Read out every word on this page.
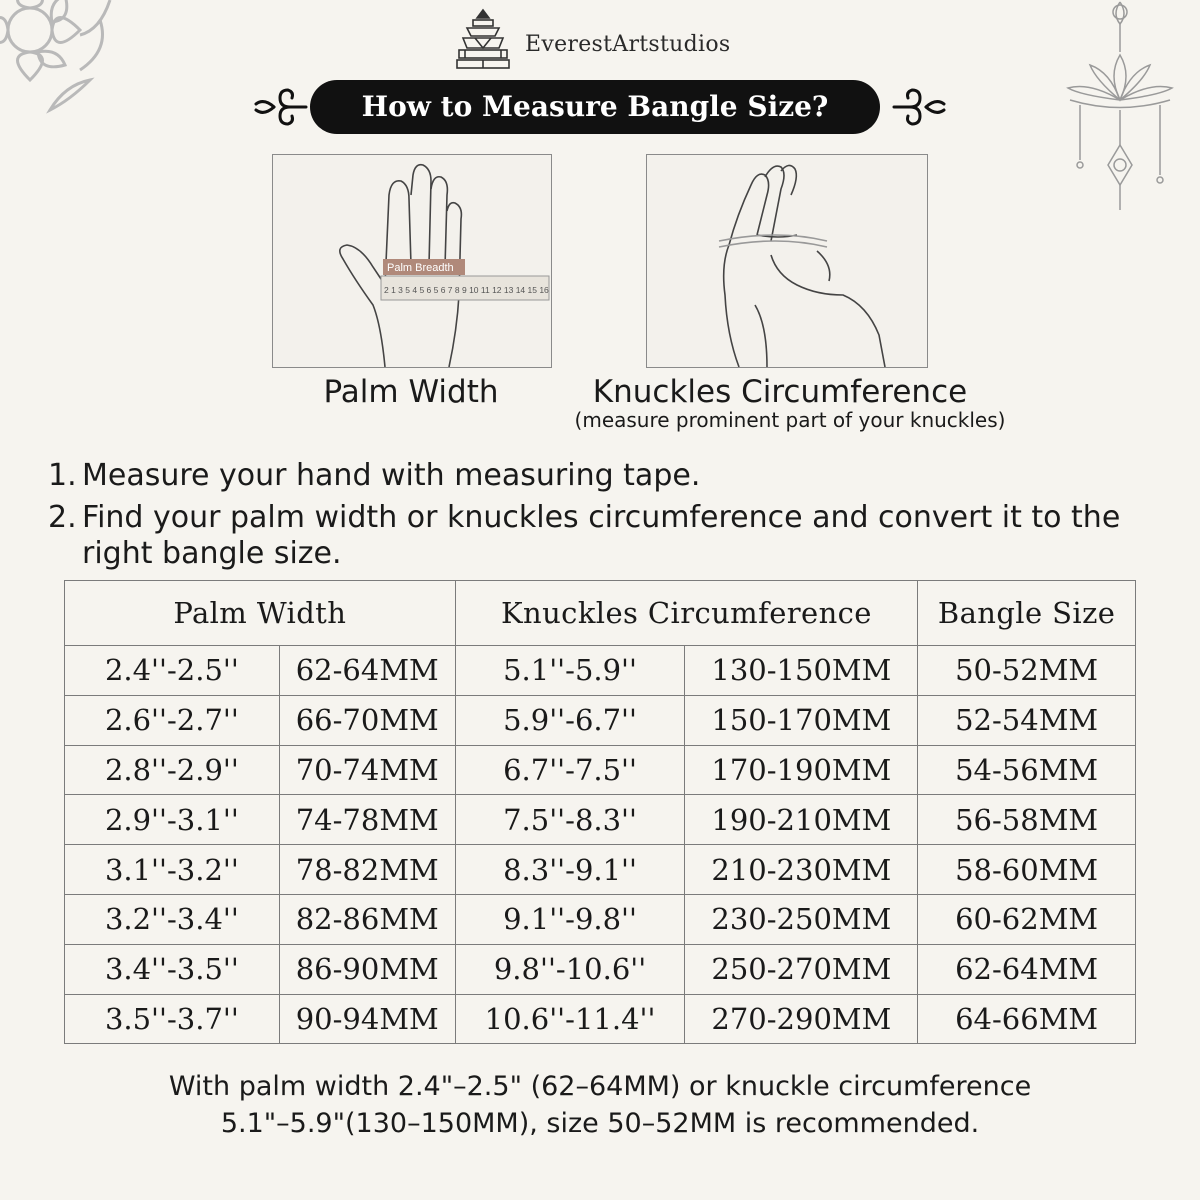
EverestArtstudios
How to Measure Bangle Size?
Palm Breadth
2 1 3 5 4 5 6 5 6 7 8 9 10 11 12 13 14 15 16
Palm Width	Knuckles Circumference
(measure prominent part of your knuckles)
1. Measure your hand with measuring tape.
2. Find your palm width or knuckles circumference and convert it to the right bangle size.
Palm Width		Knuckles Circumference		Bangle Size
2.4''-2.5''	62-64MM	5.1''-5.9''	130-150MM	50-52MM
2.6''-2.7''	66-70MM	5.9''-6.7''	150-170MM	52-54MM
2.8''-2.9''	70-74MM	6.7''-7.5''	170-190MM	54-56MM
2.9''-3.1''	74-78MM	7.5''-8.3''	190-210MM	56-58MM
3.1''-3.2''	78-82MM	8.3''-9.1''	210-230MM	58-60MM
3.2''-3.4''	82-86MM	9.1''-9.8''	230-250MM	60-62MM
3.4''-3.5''	86-90MM	9.8''-10.6''	250-270MM	62-64MM
3.5''-3.7''	90-94MM	10.6''-11.4''	270-290MM	64-66MM
With palm width 2.4"–2.5" (62–64MM) or knuckle circumference
5.1"–5.9"(130–150MM), size 50–52MM is recommended.
